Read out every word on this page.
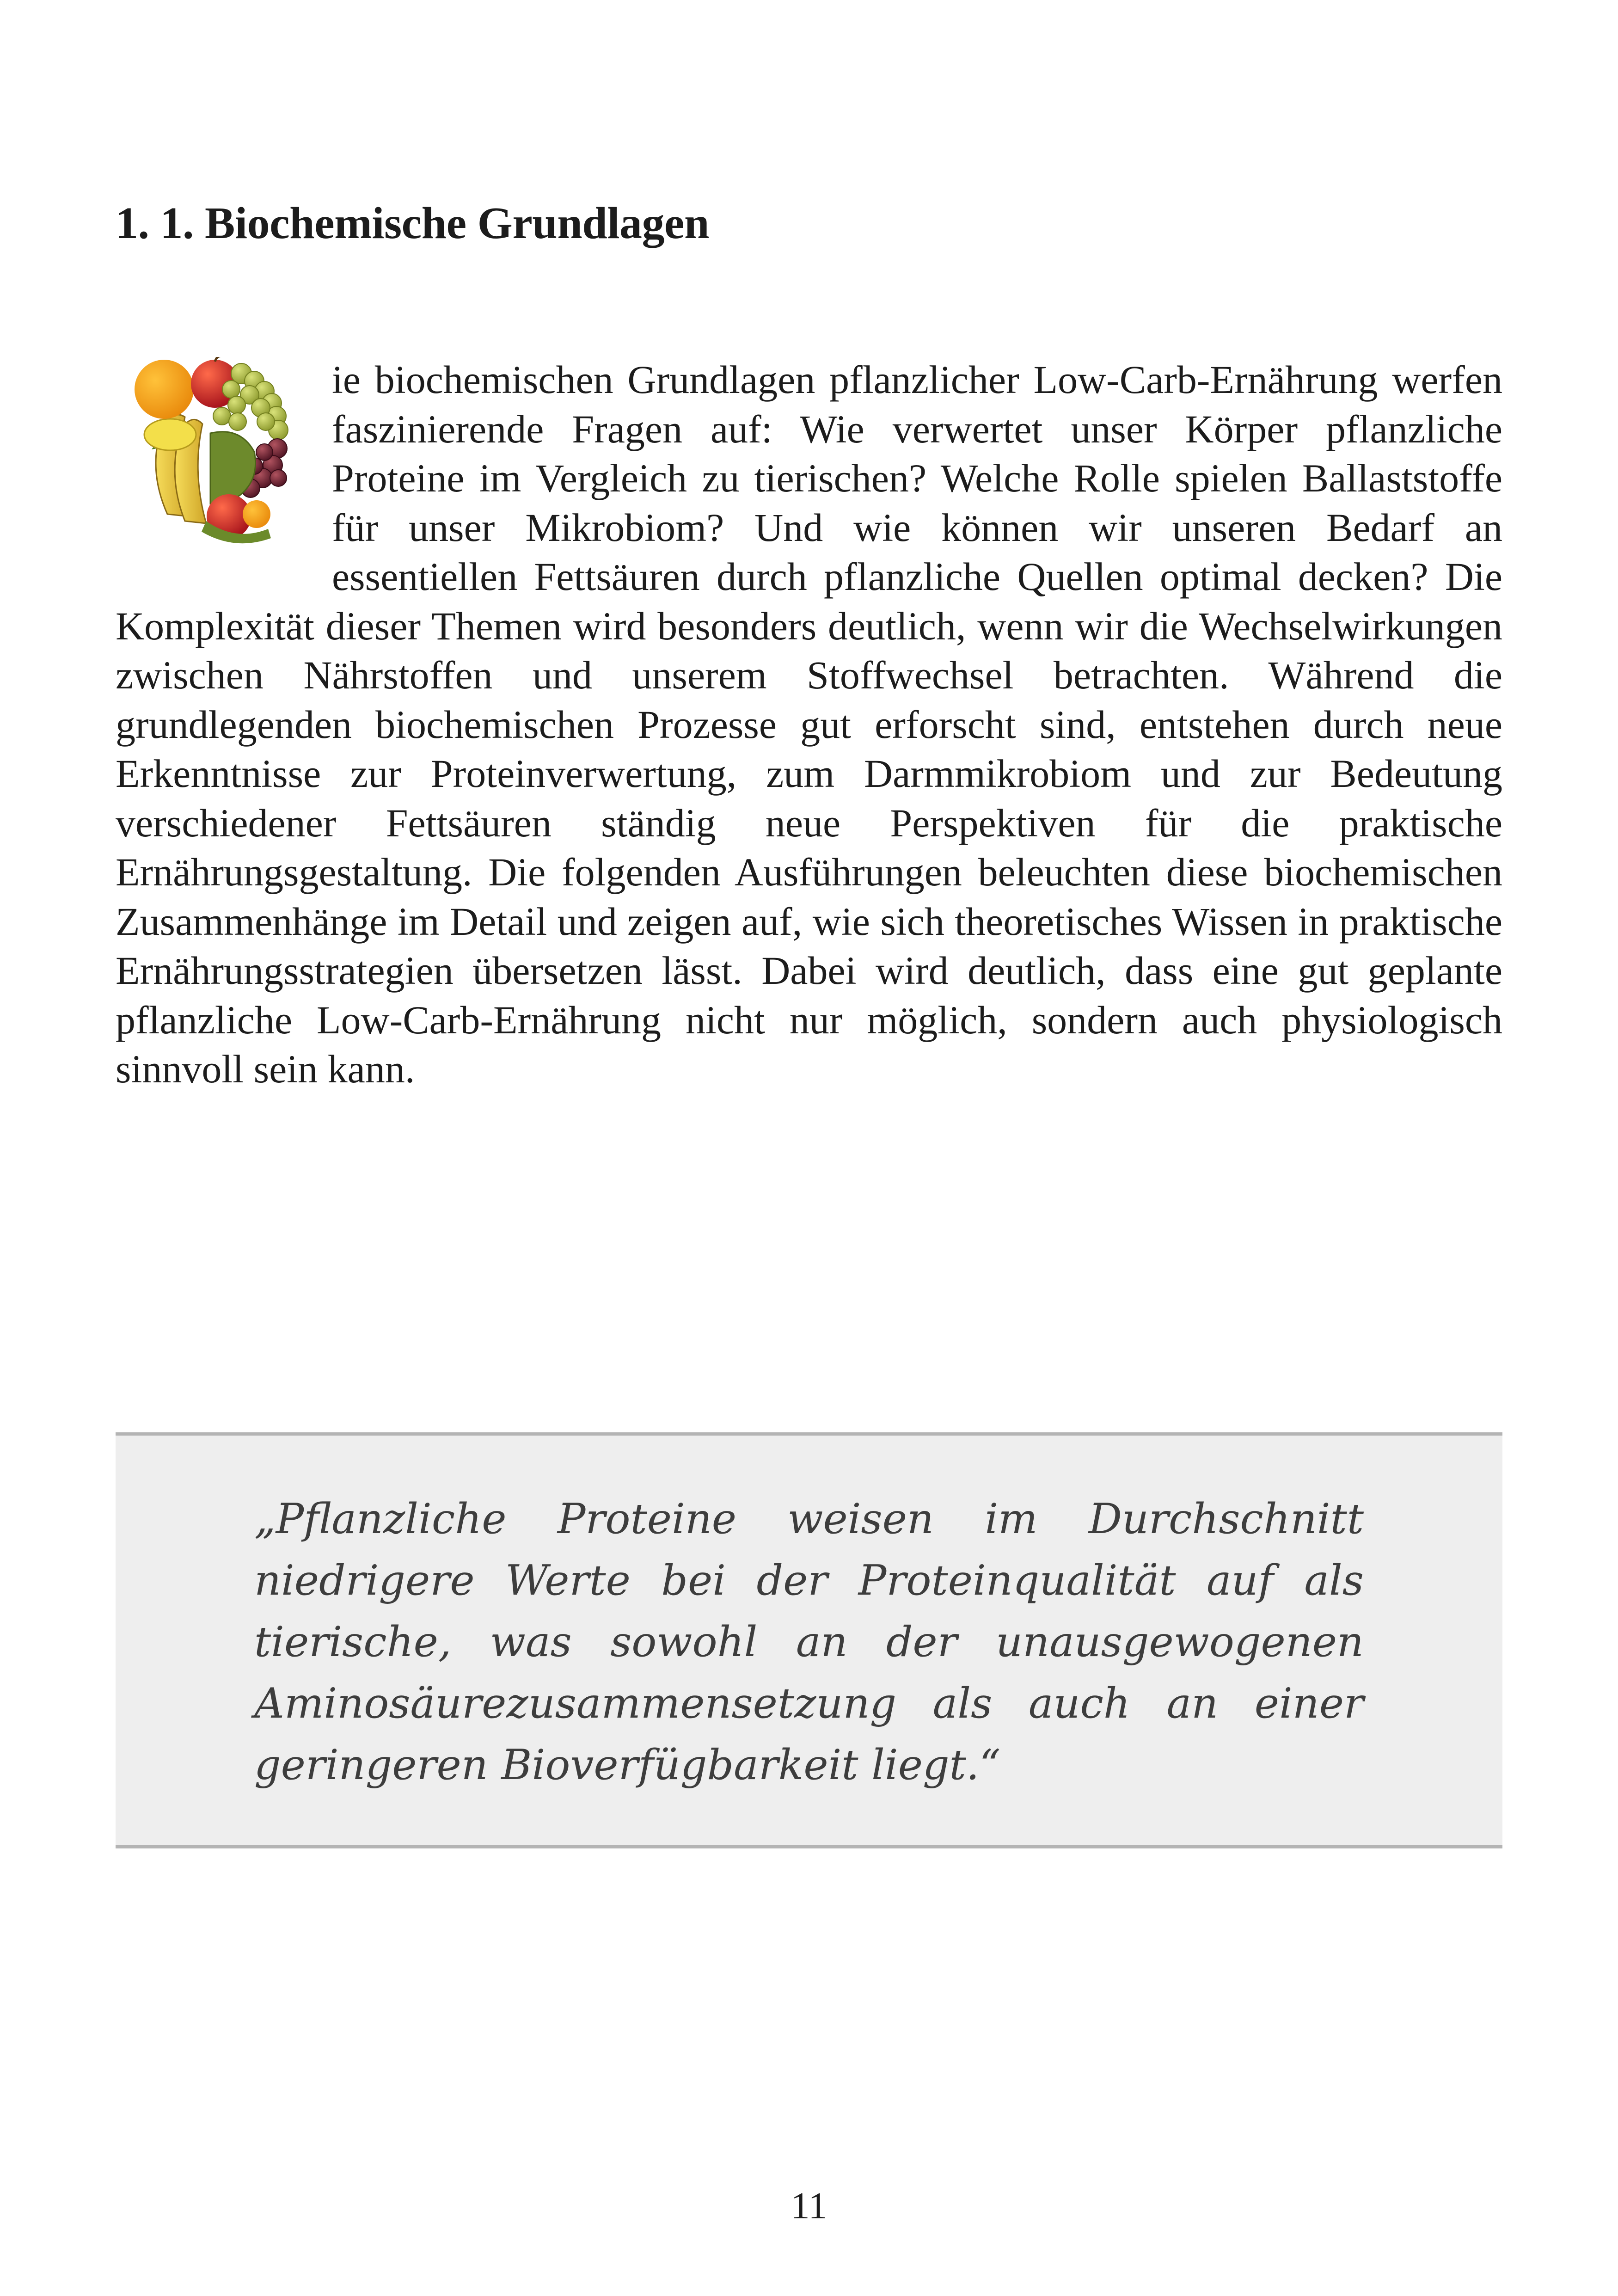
1. 1. Biochemische Grundlagen

ie biochemischen Grundlagen pflanzlicher Low-Carb-Ernährung werfen faszinierende Fragen auf: Wie verwertet unser Körper pflanzliche Proteine im Vergleich zu tierischen? Welche Rolle spielen Ballaststoffe für unser Mikrobiom? Und wie können wir unseren Bedarf an essentiellen Fettsäuren durch pflanzliche Quellen optimal decken? Die Komplexität dieser Themen wird besonders deutlich, wenn wir die Wechselwirkungen zwischen Nährstoffen und unserem Stoffwechsel betrachten. Während die grundlegenden biochemischen Prozesse gut erforscht sind, entstehen durch neue Erkenntnisse zur Proteinverwertung, zum Darmmikrobiom und zur Bedeutung verschiedener Fettsäuren ständig neue Perspektiven für die praktische Ernährungsgestaltung. Die folgenden Ausführungen beleuchten diese biochemischen Zusammenhänge im Detail und zeigen auf, wie sich theoretisches Wissen in praktische Ernährungsstrategien übersetzen lässt. Dabei wird deutlich, dass eine gut geplante pflanzliche Low-Carb-Ernährung nicht nur möglich, sondern auch physiologisch sinnvoll sein kann.

„Pflanzliche Proteine weisen im Durchschnitt niedrigere Werte bei der Proteinqualität auf als tierische, was sowohl an der unausgewogenen Aminosäurezusammensetzung als auch an einer geringeren Bioverfügbarkeit liegt.“

11
